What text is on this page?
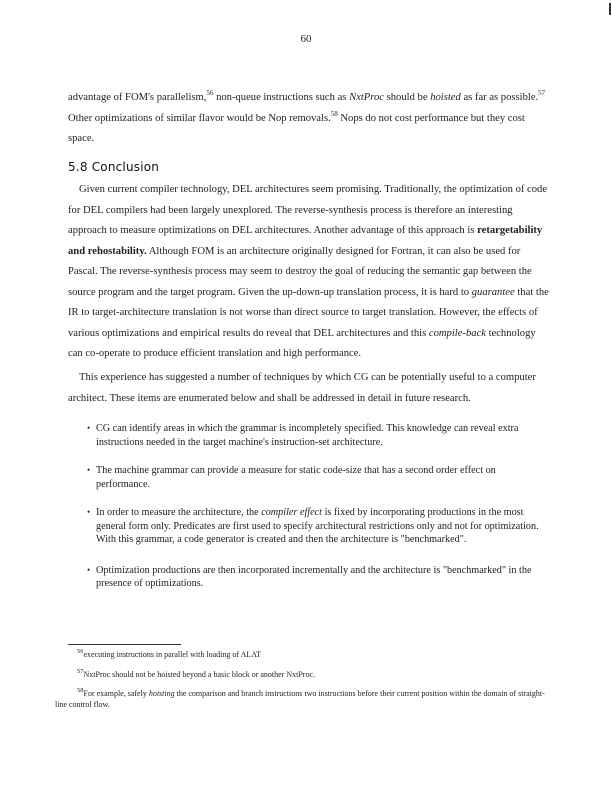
60

advantage of FOM's parallelism,$^{56}$ non-queue instructions such as NxtProc should be hoisted as far as possible.$^{57}$ Other optimizations of similar flavor would be Nop removals.$^{58}$ Nops do not cost performance but they cost space.

5.8 Conclusion

Given current compiler technology, DEL architectures seem promising. Traditionally, the optimization of code for DEL compilers had been largely unexplored. The reverse-synthesis process is therefore an interesting approach to measure optimizations on DEL architectures. Another advantage of this approach is retargetability and rehostability. Although FOM is an architecture originally designed for Fortran, it can also be used for Pascal. The reverse-synthesis process may seem to destroy the goal of reducing the semantic gap between the source program and the target program. Given the up-down-up translation process, it is hard to guarantee that the IR to target-architecture translation is not worse than direct source to target translation. However, the effects of various optimizations and empirical results do reveal that DEL architectures and this compile-back technology can co-operate to produce efficient translation and high performance.

This experience has suggested a number of techniques by which CG can be potentially useful to a computer architect. These items are enumerated below and shall be addressed in detail in future research.

• CG can identify areas in which the grammar is incompletely specified. This knowledge can reveal extra instructions needed in the target machine's instruction-set architecture.
• The machine grammar can provide a measure for static code-size that has a second order effect on performance.
• In order to measure the architecture, the compiler effect is fixed by incorporating productions in the most general form only. Predicates are first used to specify architectural restrictions only and not for optimization. With this grammar, a code generator is created and then the architecture is "benchmarked".
• Optimization productions are then incorporated incrementally and the architecture is "benchmarked" in the presence of optimizations.

$^{56}$executing instructions in parallel with loading of ALAT

$^{57}$NxtProc should not be hoisted beyond a basic block or another NxtProc.

$^{58}$For example, safely hoisting the comparison and branch instructions two instructions before their current position within the domain of straight-line control flow.
